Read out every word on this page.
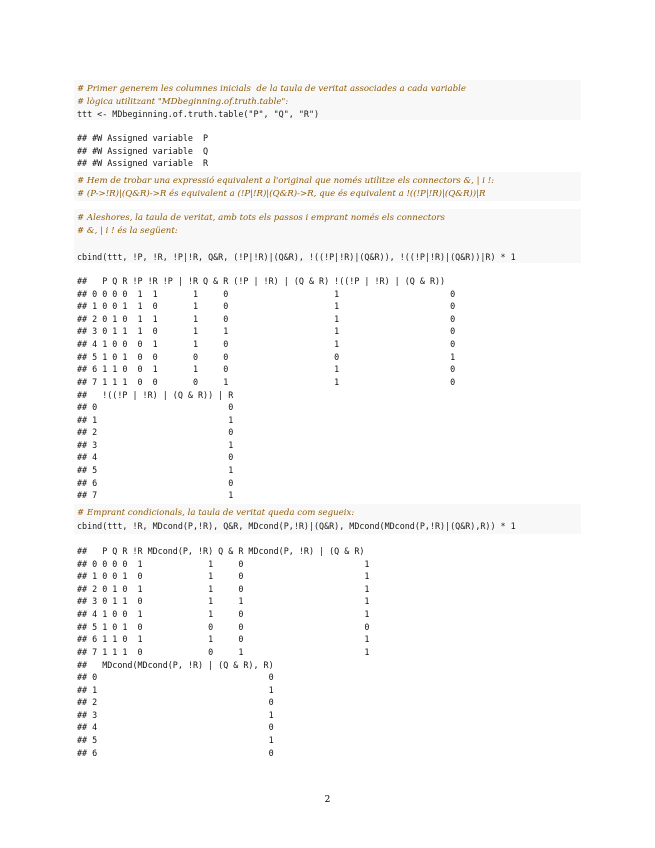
# Primer generem les columnes inicials  de la taula de veritat associades a cada variable
# lògica utilitzant "MDbeginning.of.truth.table":
ttt <- MDbeginning.of.truth.table("P", "Q", "R")
## #W Assigned variable  P
## #W Assigned variable  Q
## #W Assigned variable  R
# Hem de trobar una expressió equivalent a l'original que només utilitze els connectors &, | i !:
# (P->!R)|(Q&R)->R és equivalent a (!P|!R)|(Q&R)->R, que és equivalent a !((!P|!R)|(Q&R))|R
# Aleshores, la taula de veritat, amb tots els passos i emprant només els connectors
# &, | i ! és la següent:
cbind(ttt, !P, !R, !P|!R, Q&R, (!P|!R)|(Q&R), !((!P|!R)|(Q&R)), !((!P|!R)|(Q&R))|R) * 1
##   P Q R !P !R !P | !R Q & R (!P | !R) | (Q & R) !((!P | !R) | (Q & R))
## 0 0 0 0  1  1       1     0                     1                      0
## 1 0 0 1  1  0       1     0                     1                      0
## 2 0 1 0  1  1       1     0                     1                      0
## 3 0 1 1  1  0       1     1                     1                      0
## 4 1 0 0  0  1       1     0                     1                      0
## 5 1 0 1  0  0       0     0                     0                      1
## 6 1 1 0  0  1       1     0                     1                      0
## 7 1 1 1  0  0       0     1                     1                      0
##   !((!P | !R) | (Q & R)) | R
## 0                          0
## 1                          1
## 2                          0
## 3                          1
## 4                          0
## 5                          1
## 6                          0
## 7                          1
# Emprant condicionals, la taula de veritat queda com segueix:
cbind(ttt, !R, MDcond(P,!R), Q&R, MDcond(P,!R)|(Q&R), MDcond(MDcond(P,!R)|(Q&R),R)) * 1
##   P Q R !R MDcond(P, !R) Q & R MDcond(P, !R) | (Q & R)
## 0 0 0 0  1             1     0                        1
## 1 0 0 1  0             1     0                        1
## 2 0 1 0  1             1     0                        1
## 3 0 1 1  0             1     1                        1
## 4 1 0 0  1             1     0                        1
## 5 1 0 1  0             0     0                        0
## 6 1 1 0  1             1     0                        1
## 7 1 1 1  0             0     1                        1
##   MDcond(MDcond(P, !R) | (Q & R), R)
## 0                                  0
## 1                                  1
## 2                                  0
## 3                                  1
## 4                                  0
## 5                                  1
## 6                                  0
2
